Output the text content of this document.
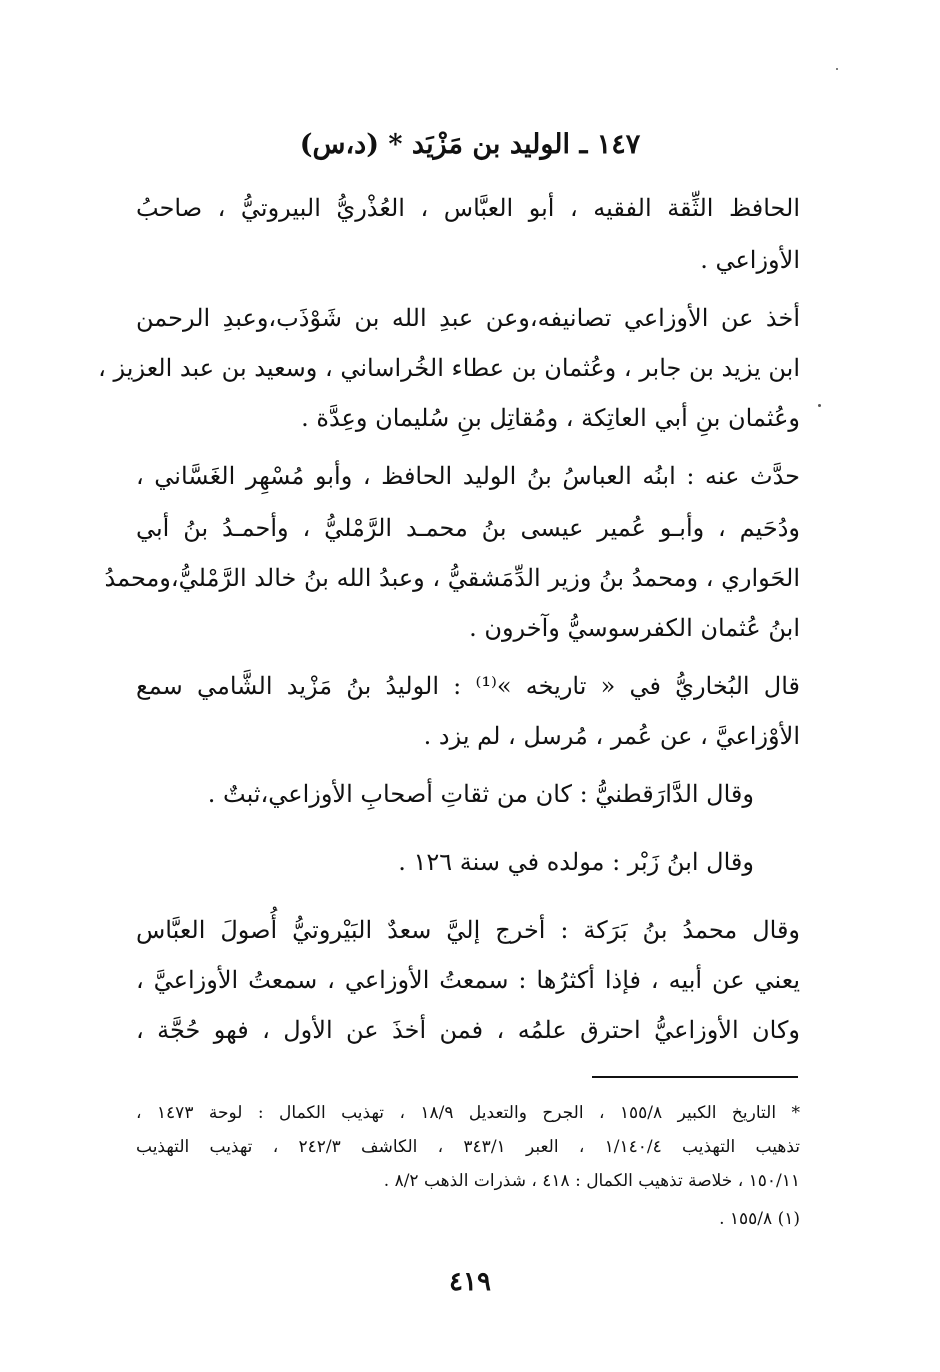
١٤٧ ـ الوليد بن مَزْيَد * (د،س)
الحافظ الثِّقة الفقيه ، أبو العبَّاس ، العُذْريُّ البيروتيُّ ، صاحبُ
الأوزاعي .
أخذ عن الأوزاعي تصانيفه،وعن عبدِ الله بن شَوْذَب،وعبدِ الرحمن
ابن يزيد بن جابر ، وعُثمان بن عطاء الخُراساني ، وسعيد بن عبد العزيز ،
وعُثمان بنِ أبي العاتِكة ، ومُقاتِل بنِ سُليمان وعِدَّة .
حدَّث عنه : ابنُه العباسُ بنُ الوليد الحافظ ، وأبو مُسْهِر الغَسَّاني ،
ودُحَيم ، وأبـو عُمير عيسى بنُ محمـد الرَّمْليُّ ، وأحمـدُ بنُ أبي
الحَواري ، ومحمدُ بنُ وزير الدِّمَشقيُّ ، وعبدُ الله بنُ خالد الرَّمْليُّ،ومحمدُ
ابنُ عُثمان الكفرسوسيُّ وآخرون .
قال البُخاريُّ في « تاريخه »⁽¹⁾ : الوليدُ بنُ مَزْيد الشَّامي سمع
الأوْزاعيَّ ، عن عُمر ، مُرسل ، لم يزد .
وقال الدَّارَقطنيُّ : كان من ثقاتِ أصحابِ الأوزاعي،ثبتٌ .
وقال ابنُ زَبْر : مولده في سنة ١٢٦ .
وقال محمدُ بنُ بَرَكة : أخرج إليَّ سعدٌ البَيْروتيُّ أُصولَ العبَّاس
يعني عن أبيه ، فإذا أكثرُها : سمعتُ الأوزاعي ، سمعتُ الأوزاعيَّ ،
وكان الأوزاعيُّ احترق علمُه ، فمن أخذَ عن الأول ، فهو حُجَّة ،
* التاريخ الكبير ١٥٥/٨ ، الجرح والتعديل ١٨/٩ ، تهذيب الكمال : لوحة ١٤٧٣ ،
تذهيب التهذيب ١/١٤٠/٤ ، العبر ٣٤٣/١ ، الكاشف ٢٤٢/٣ ، تهذيب التهذيب
١٥٠/١١ ، خلاصة تذهيب الكمال : ٤١٨ ، شذرات الذهب ٨/٢ .
(١) ١٥٥/٨ .
٤١٩
